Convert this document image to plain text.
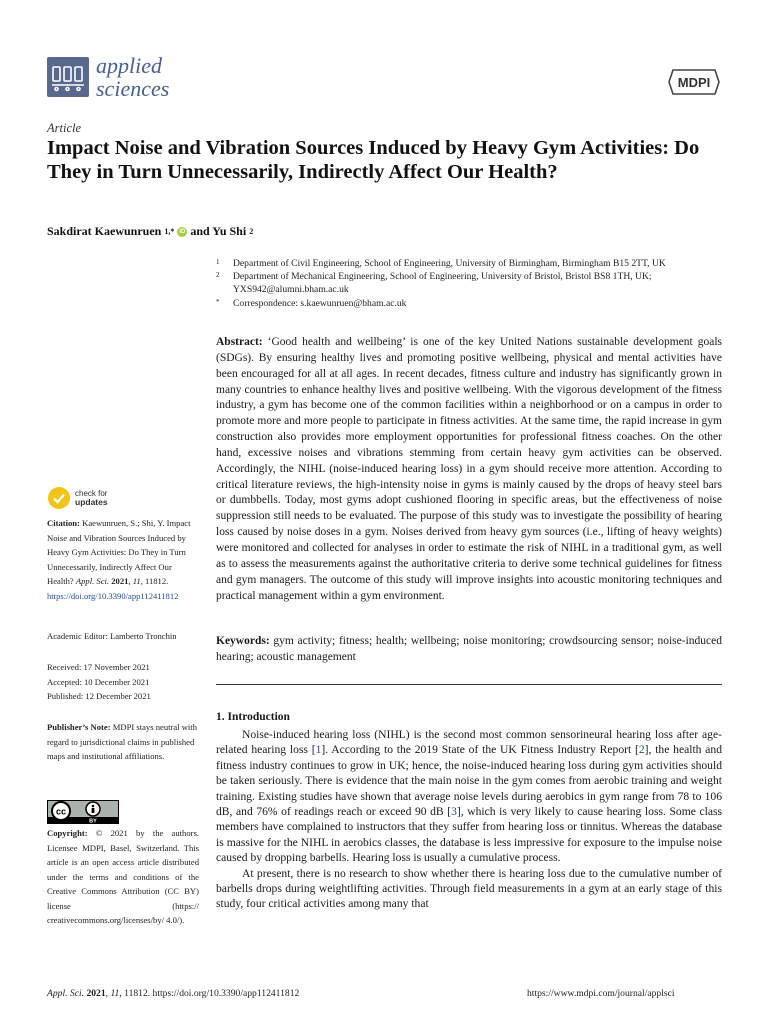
applied
sciences	MDPI
Article
Impact Noise and Vibration Sources Induced by Heavy Gym Activities: Do They in Turn Unnecessarily, Indirectly Affect Our Health?
Sakdirat Kaewunruen 1,* iD and Yu Shi 2
1	Department of Civil Engineering, School of Engineering, University of Birmingham, Birmingham B15 2TT, UK
2	Department of Mechanical Engineering, School of Engineering, University of Bristol, Bristol BS8 1TH, UK; YXS942@alumni.bham.ac.uk
*	Correspondence: s.kaewunruen@bham.ac.uk
Abstract: ‘Good health and wellbeing’ is one of the key United Nations sustainable development goals (SDGs). By ensuring healthy lives and promoting positive wellbeing, physical and mental activities have been encouraged for all at all ages. In recent decades, fitness culture and industry has significantly grown in many countries to enhance healthy lives and positive wellbeing. With the vigorous development of the fitness industry, a gym has become one of the common facilities within a neighborhood or on a campus in order to promote more and more people to participate in fitness activities. At the same time, the rapid increase in gym construction also provides more employment opportunities for professional fitness coaches. On the other hand, excessive noises and vibrations stemming from certain heavy gym activities can be observed. Accordingly, the NIHL (noise-induced hearing loss) in a gym should receive more attention. According to critical literature reviews, the high-intensity noise in gyms is mainly caused by the drops of heavy steel bars or dumbbells. Today, most gyms adopt cushioned flooring in specific areas, but the effectiveness of noise suppression still needs to be evaluated. The purpose of this study was to investigate the possibility of hearing loss caused by noise doses in a gym. Noises derived from heavy gym sources (i.e., lifting of heavy weights) were monitored and collected for analyses in order to estimate the risk of NIHL in a traditional gym, as well as to assess the measurements against the authoritative criteria to derive some technical guidelines for fitness and gym managers. The outcome of this study will improve insights into acoustic monitoring techniques and practical management within a gym environment.
Keywords: gym activity; fitness; health; wellbeing; noise monitoring; crowdsourcing sensor; noise-induced hearing; acoustic management
check for
updates
Citation: Kaewunruen, S.; Shi, Y. Impact Noise and Vibration Sources Induced by Heavy Gym Activities: Do They in Turn Unnecessarily, Indirectly Affect Our Health? Appl. Sci. 2021, 11, 11812. https://doi.org/10.3390/app112411812
Academic Editor: Lamberto Tronchin
Received: 17 November 2021
Accepted: 10 December 2021
Published: 12 December 2021
Publisher’s Note: MDPI stays neutral with regard to jurisdictional claims in published maps and institutional affiliations.
cc
BY
Copyright: © 2021 by the authors. Licensee MDPI, Basel, Switzerland. This article is an open access article distributed under the terms and conditions of the Creative Commons Attribution (CC BY) license (https:// creativecommons.org/licenses/by/ 4.0/).
1. Introduction

Noise-induced hearing loss (NIHL) is the second most common sensorineural hearing loss after age-related hearing loss [1]. According to the 2019 State of the UK Fitness Industry Report [2], the health and fitness industry continues to grow in UK; hence, the noise-induced hearing loss during gym activities should be taken seriously. There is evidence that the main noise in the gym comes from aerobic training and weight training. Existing studies have shown that average noise levels during aerobics in gym range from 78 to 106 dB, and 76% of readings reach or exceed 90 dB [3], which is very likely to cause hearing loss. Some class members have complained to instructors that they suffer from hearing loss or tinnitus. Whereas the database is massive for the NIHL in aerobics classes, the database is less impressive for exposure to the impulse noise caused by dropping barbells. Hearing loss is usually a cumulative process.

At present, there is no research to show whether there is hearing loss due to the cumulative number of barbells drops during weightlifting activities. Through field measurements in a gym at an early stage of this study, four critical activities among many that

Appl. Sci. 2021, 11, 11812. https://doi.org/10.3390/app112411812	https://www.mdpi.com/journal/applsci
